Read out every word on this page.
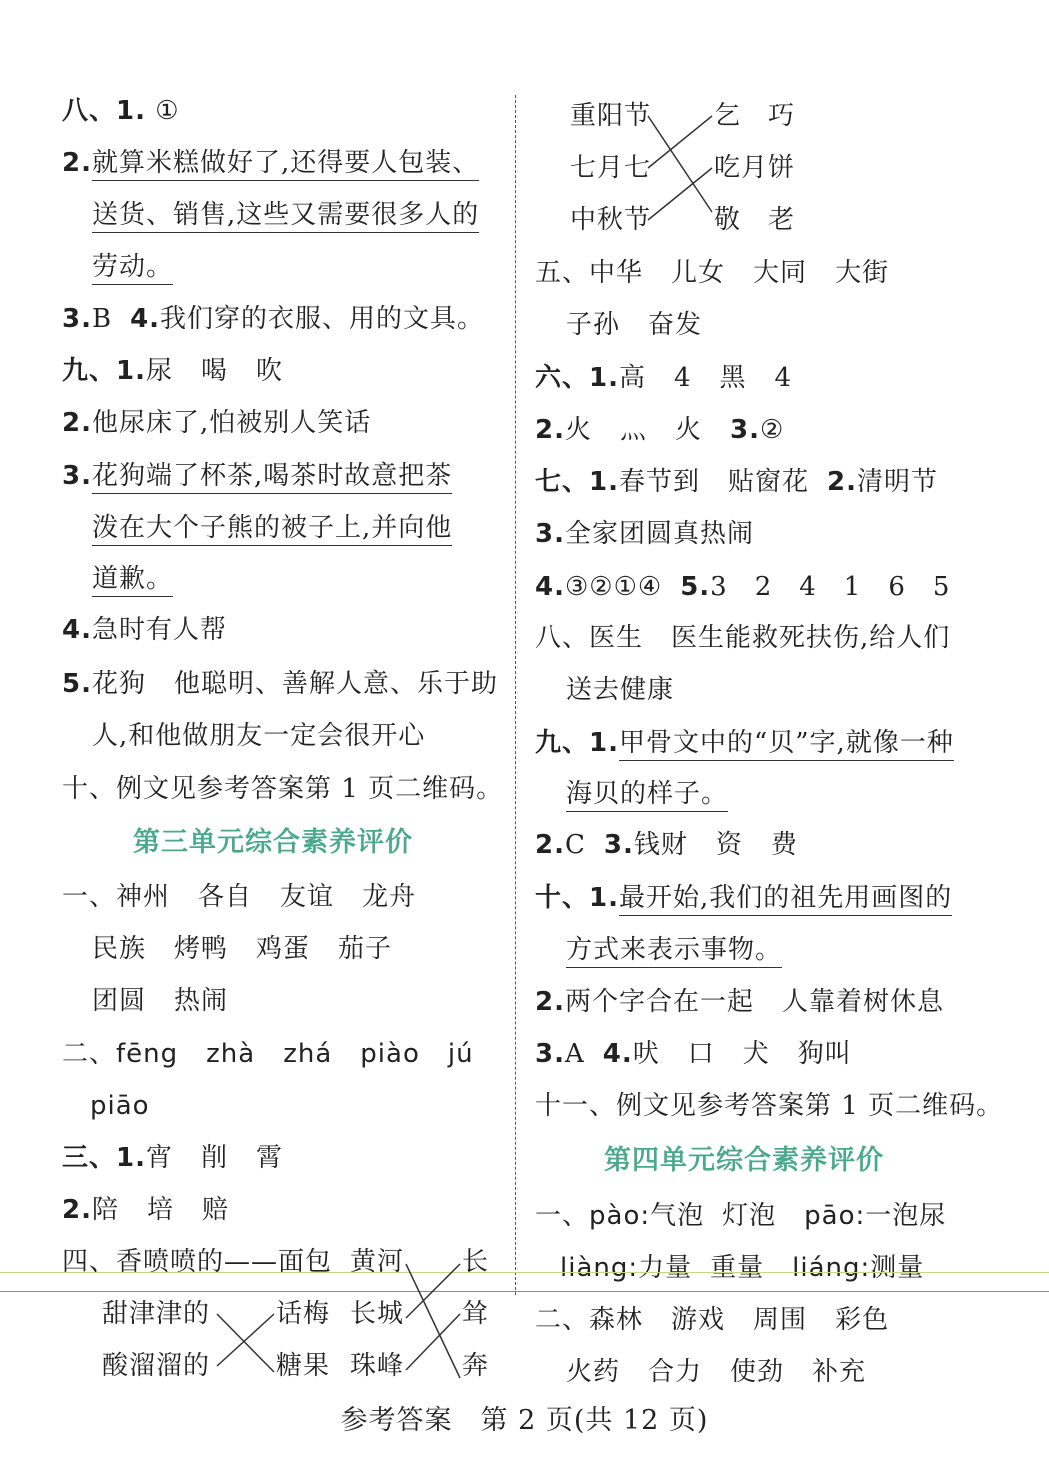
八、1. ①
2.就算米糕做好了,还得要人包装、
送货、销售,这些又需要很多人的
劳动。
3.B 4.我们穿的衣服、用的文具。
九、1.尿 喝 吹
2.他尿床了,怕被别人笑话
3.花狗端了杯茶,喝茶时故意把茶
泼在大个子熊的被子上,并向他
道歉。
4.急时有人帮
5.花狗 他聪明、善解人意、乐于助
人,和他做朋友一定会很开心
十、例文见参考答案第 1 页二维码。
第三单元综合素养评价
一、神州 各自 友谊 龙舟
民族 烤鸭 鸡蛋 茄子
团圆 热闹
二、fēng zhà zhá piào jú
piāo
三、1.宵 削 霄
2.陪 培 赔
四、香喷喷的——面包 黄河 长
甜津津的	话梅 长城 耸
酸溜溜的	糖果 珠峰 奔
重阳节 乞　巧
七月七 吃月饼
中秋节 敬　老
五、中华 儿女 大同 大街
子孙 奋发
六、1.高 4 黑 4
2.火 灬 火 3.②
七、1.春节到 贴窗花 2.清明节
3.全家团圆真热闹
4.③②①④ 5.3　2　4　1　6　5
八、医生 医生能救死扶伤,给人们
送去健康
九、1.甲骨文中的“贝”字,就像一种
海贝的样子。
2.C 3.钱财 资 费
十、1.最开始,我们的祖先用画图的
方式来表示事物。
2.两个字合在一起 人靠着树休息
3.A 4.吠 口 犬 狗叫
十一、例文见参考答案第 1 页二维码。
第四单元综合素养评价
一、pào:气泡 灯泡 pāo:一泡尿
liàng:力量 重量 liáng:测量
二、森林 游戏 周围 彩色
火药 合力 使劲 补充
参考答案　第 2 页(共 12 页)
